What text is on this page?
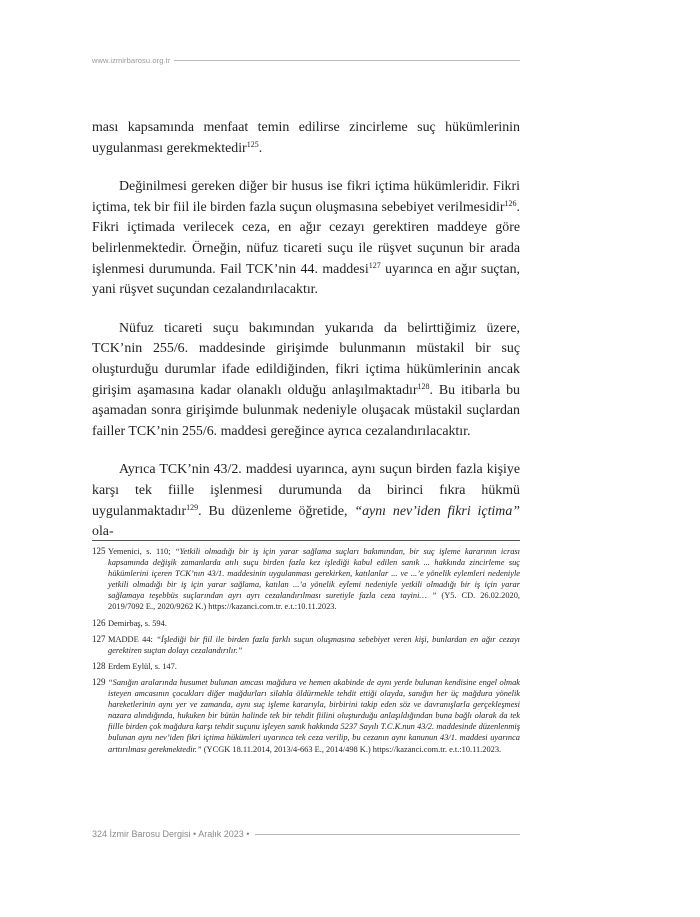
www.izmirbarosu.org.tr

ması kapsamında menfaat temin edilirse zincirleme suç hükümlerinin uygulanması gerekmektedir$^{125}$.

Değinilmesi gereken diğer bir husus ise fikri içtima hükümleridir. Fikri içtima, tek bir fiil ile birden fazla suçun oluşmasına sebebiyet verilmesidir$^{126}$. Fikri içtimada verilecek ceza, en ağır cezayı gerektiren maddeye göre belirlenmektedir. Örneğin, nüfuz ticareti suçu ile rüşvet suçunun bir arada işlenmesi durumunda. Fail TCK’nin 44. maddesi$^{127}$ uyarınca en ağır suçtan, yani rüşvet suçundan cezalandırılacaktır.

Nüfuz ticareti suçu bakımından yukarıda da belirttiğimiz üzere, TCK’nin 255/6. maddesinde girişimde bulunmanın müstakil bir suç oluşturduğu durumlar ifade edildiğinden, fikri içtima hükümlerinin ancak girişim aşamasına kadar olanaklı olduğu anlaşılmaktadır$^{128}$. Bu itibarla bu aşamadan sonra girişimde bulunmak nedeniyle oluşacak müstakil suçlardan failler TCK’nin 255/6. maddesi gereğince ayrıca cezalandırılacaktır.

Ayrıca TCK’nin 43/2. maddesi uyarınca, aynı suçun birden fazla kişiye karşı tek fiille işlenmesi durumunda da birinci fıkra hükmü uygulanmaktadır$^{129}$. Bu düzenleme öğretide, “aynı nev’iden fikri içtima” ola-

125 Yemenici, s. 110; “Yetkili olmadığı bir iş için yarar sağlama suçları bakımından, bir suç işleme kararının icrası kapsamında değişik zamanlarda atılı suçu birden fazla kez işlediği kabul edilen sanık ... hakkında zincirleme suç hükümlerini içeren TCK’nın 43/1. maddesinin uygulanması gerekirken, katılanlar ... ve ...’e yönelik eylemleri nedeniyle yetkili olmadığı bir iş için yarar sağlama, katılan ...’a yönelik eylemi nedeniyle yetkili olmadığı bir iş için yarar sağlamaya teşebbüs suçlarından ayrı ayrı cezalandırılması suretiyle fazla ceza tayini… ” (Y5. CD. 26.02.2020, 2019/7092 E., 2020/9262 K.) https://kazanci.com.tr. e.t.:10.11.2023.
126 Demirbaş, s. 594.
127 MADDE 44: “İşlediği bir fiil ile birden fazla farklı suçun oluşmasına sebebiyet veren kişi, bunlardan en ağır cezayı gerektiren suçtan dolayı cezalandırılır.”
128 Erdem Eylül, s. 147.
129 “Sanığın aralarında husumet bulunan amcası mağdura ve hemen akabinde de aynı yerde bulunan kendisine engel olmak isteyen amcasının çocukları diğer mağdurları silahla öldürmekle tehdit ettiği olayda, sanığın her üç mağdura yönelik hareketlerinin aynı yer ve zamanda, aynı suç işleme kararıyla, birbirini takip eden söz ve davranışlarla gerçekleşmesi nazara alındığında, hukuken bir bütün halinde tek bir tehdit fiilini oluşturduğu anlaşıldığından buna bağlı olarak da tek fiille birden çok mağdura karşı tehdit suçunu işleyen sanık hakkında 5237 Sayılı T.C.K.nun 43/2. maddesinde düzenlenmiş bulunan aynı nev’iden fikri içtima hükümleri uyarınca tek ceza verilip, bu cezanın aynı kanunun 43/1. maddesi uyarınca arttırılması gerekmektedir.” (YCGK 18.11.2014, 2013/4-663 E., 2014/498 K.) https://kazanci.com.tr. e.t.:10.11.2023.
324 İzmir Barosu Dergisi • Aralık 2023 •
